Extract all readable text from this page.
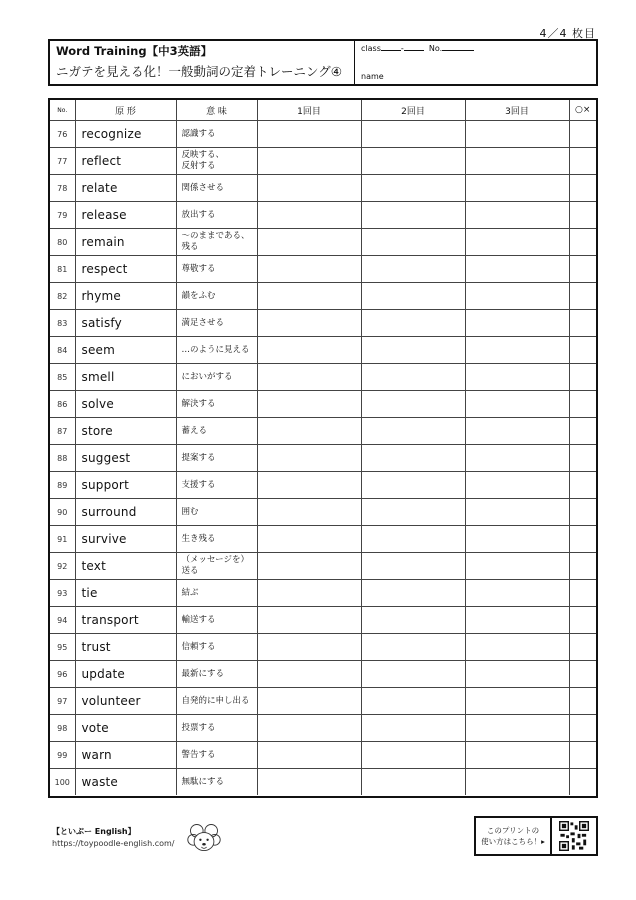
4／4 枚目
Word Training【中3英語】
ニガテを見える化！一般動詞の定着トレーニング④
class	-	No.
name
No.	原 形	意 味	1回目	2回目	3回目	○×
76	recognize	認識する				
77	reflect	反映する、
反射する				
78	relate	関係させる				
79	release	放出する				
80	remain	～のままである、
残る				
81	respect	尊敬する				
82	rhyme	韻をふむ				
83	satisfy	満足させる				
84	seem	…のように見える				
85	smell	においがする				
86	solve	解決する				
87	store	蓄える				
88	suggest	提案する				
89	support	支援する				
90	surround	囲む				
91	survive	生き残る				
92	text	（メッセージを）
送る				
93	tie	結ぶ				
94	transport	輸送する				
95	trust	信頼する				
96	update	最新にする				
97	volunteer	自発的に申し出る				
98	vote	投票する				
99	warn	警告する				
100	waste	無駄にする				
【といぷー English】
https://toypoodle-english.com/
このプリントの
使い方はこちら！▸
